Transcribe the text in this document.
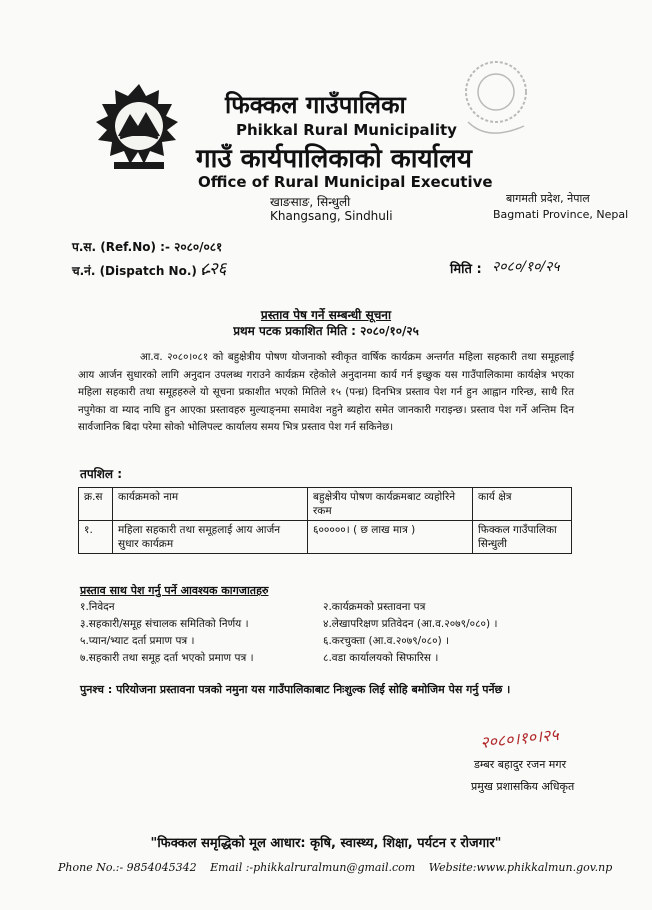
फिक्कल गाउँपालिका
Phikkal Rural Municipality
गाउँ कार्यपालिकाको कार्यालय
Office of Rural Municipal Executive
खाङसाङ, सिन्धुली
Khangsang, Sindhuli
बागमती प्रदेश, नेपाल
Bagmati Province, Nepal
प.स. (Ref.No) :- २०८०/०८१
च.नं. (Dispatch No.) :-
८२६	मिति : २०८०/१०/२५
प्रस्ताव पेष गर्ने सम्बन्धी सूचना
प्रथम पटक प्रकाशित मिति : २०८०/१०/२५
आ.व. २०८०।०८१ को बहुक्षेत्रीय पोषण योजनाको स्वीकृत वार्षिक कार्यक्रम अन्तर्गत महिला सहकारी तथा समूहलाई आय आर्जन सुधारको लागि अनुदान उपलब्ध गराउने कार्यक्रम रहेकोले अनुदानमा कार्य गर्न इच्छुक यस गाउँपालिकामा कार्यक्षेत्र भएका महिला सहकारी तथा समूहहरुले यो सूचना प्रकाशीत भएको मितिले १५ (पन्ध्र) दिनभित्र प्रस्ताव पेश गर्न हुन आह्वान गरिन्छ, साथै रित नपुगेका वा म्याद नाघि हुन आएका प्रस्तावहरु मुल्याङ्नमा समावेश नहुने ब्यहोरा समेत जानकारी गराइन्छ। प्रस्ताव पेश गर्ने अन्तिम दिन सार्वजानिक बिदा परेमा सोको भोलिपल्ट कार्यालय समय भित्र प्रस्ताव पेश गर्न सकिनेछ।
तपशिल :
क्र.स	कार्यक्रमको नाम	बहुक्षेत्रीय पोषण कार्यक्रमबाट व्यहोरिने रकम	कार्य क्षेत्र
१.	महिला सहकारी तथा समूहलाई आय आर्जन सुधार कार्यक्रम	६०००००। ( छ लाख मात्र )	फिक्कल गाउँपालिका सिन्धुली
प्रस्ताव साथ पेश गर्नु पर्ने आवश्यक कागजातहरु
१.निवेदन	२.कार्यक्रमको प्रस्तावना पत्र
३.सहकारी/समूह संचालक समितिको निर्णय ।	४.लेखापरिक्षण प्रतिवेदन (आ.व.२०७९/०८०) ।
५.प्यान/भ्याट दर्ता प्रमाण पत्र ।	६.करचुक्ता (आ.व.२०७९/०८०) ।
७.सहकारी तथा समूह दर्ता भएको प्रमाण पत्र ।	८.वडा कार्यालयको सिफारिस ।
पुनश्च : परियोजना प्रस्तावना पत्रको नमुना यस गाउँपालिकाबाट निःशुल्क लिई सोहि बमोजिम पेस गर्नु पर्नेछ ।
२०८०।१०।२५
डम्बर बहादुर रजन मगर
प्रमुख प्रशासकिय अधिकृत
"फिक्कल समृद्धिको मूल आधार: कृषि, स्वास्थ्य, शिक्षा, पर्यटन र रोजगार"
Phone No.:- 9854045342 Email :-phikkalruralmun@gmail.com Website:www.phikkalmun.gov.np
